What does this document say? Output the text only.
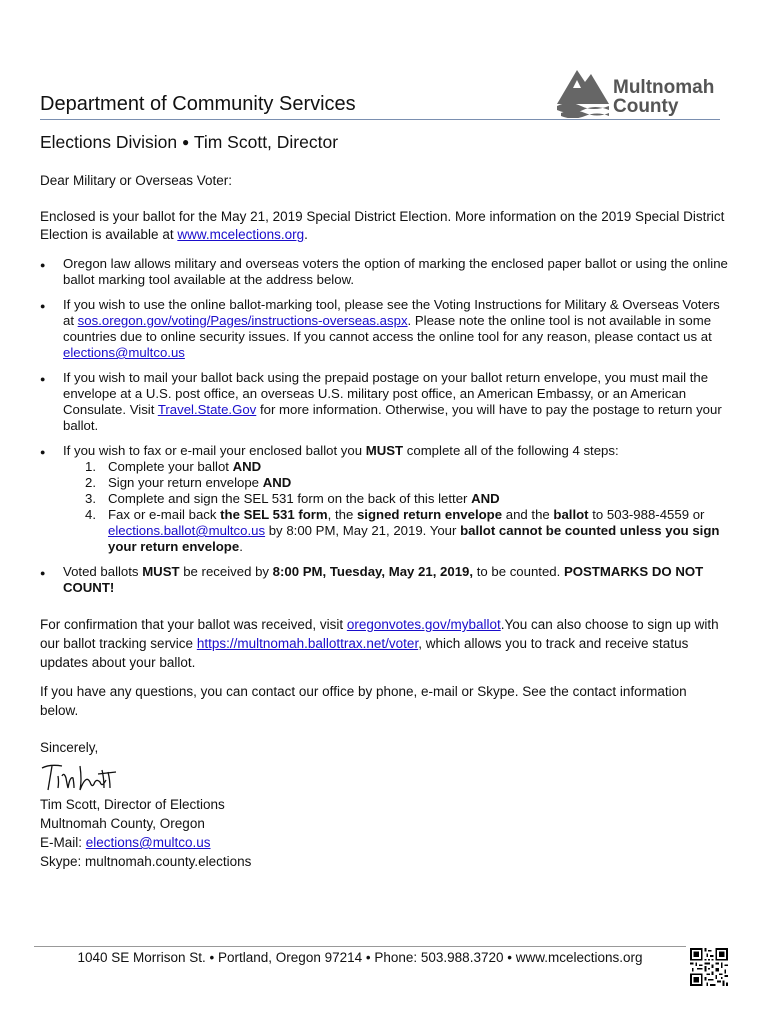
Multnomah
County
Department of Community Services
Elections Division ● Tim Scott, Director
Dear Military or Overseas Voter:
Enclosed is your ballot for the May 21, 2019 Special District Election. More information on the 2019 Special District Election is available at www.mcelections.org.
● Oregon law allows military and overseas voters the option of marking the enclosed paper ballot or using the online ballot marking tool available at the address below.
● If you wish to use the online ballot-marking tool, please see the Voting Instructions for Military & Overseas Voters at sos.oregon.gov/voting/Pages/instructions-overseas.aspx. Please note the online tool is not available in some countries due to online security issues. If you cannot access the online tool for any reason, please contact us at elections@multco.us
● If you wish to mail your ballot back using the prepaid postage on your ballot return envelope, you must mail the envelope at a U.S. post office, an overseas U.S. military post office, an American Embassy, or an American Consulate. Visit Travel.State.Gov for more information. Otherwise, you will have to pay the postage to return your ballot.
● If you wish to fax or e-mail your enclosed ballot you MUST complete all of the following 4 steps:
1. Complete your ballot AND
2. Sign your return envelope AND
3. Complete and sign the SEL 531 form on the back of this letter AND
4. Fax or e-mail back the SEL 531 form, the signed return envelope and the ballot to 503-988-4559 or elections.ballot@multco.us by 8:00 PM, May 21, 2019. Your ballot cannot be counted unless you sign your return envelope.
● Voted ballots MUST be received by 8:00 PM, Tuesday, May 21, 2019, to be counted. POSTMARKS DO NOT COUNT!
For confirmation that your ballot was received, visit oregonvotes.gov/myballot.You can also choose to sign up with our ballot tracking service https://multnomah.ballottrax.net/voter, which allows you to track and receive status updates about your ballot.
If you have any questions, you can contact our office by phone, e-mail or Skype. See the contact information below.
Sincerely,
Tim Scott, Director of Elections
Multnomah County, Oregon
E-Mail: elections@multco.us
Skype: multnomah.county.elections
1040 SE Morrison St. • Portland, Oregon 97214 • Phone: 503.988.3720 • www.mcelections.org
